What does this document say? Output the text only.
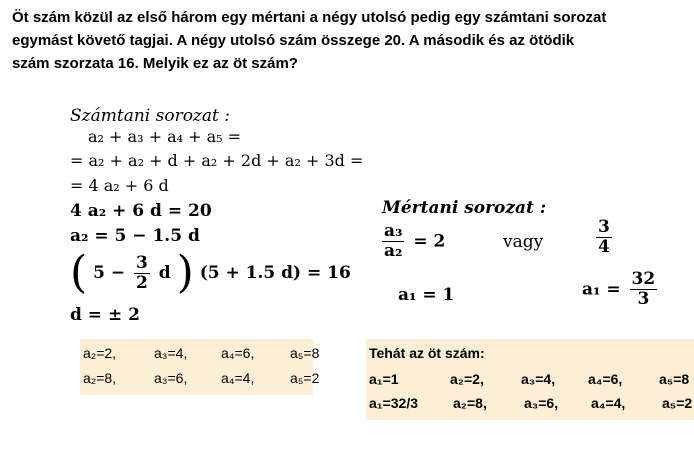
Öt szám közül az első három egy mértani a négy utolsó pedig egy számtani sorozat
egymást követő tagjai. A négy utolsó szám összege 20. A második és az ötödik
szám szorzata 16. Melyik ez az öt szám?
Számtani sorozat :
a₂ + a₃ + a₄ + a₅ =
= a₂ + a₂ + d + a₂ + 2d + a₂ + 3d =
= 4 a₂ + 6 d
4 a₂ + 6 d = 20
a₂ = 5 − 1.5 d
( $5 - \frac{3}{2}$ d ) (5 + 1.5 d) = 16
d = ± 2
Mértani sorozat :
$\frac{\text{a₃}}{\text{a₂}} = 2$	vagy	$\frac{3}{4}$
a₁ = 1	$a_1 = \frac{32}{3}$
a₂=2,	a₃=4, a₄=6,	a₅=8
a₂=8,	a₃=6, a₄=4,	a₅=2
Tehát az öt szám:
a₁=1	a₂=2,	a₃=4, a₄=6,	a₅=8
a₁=32/3	a₂=8,	a₃=6, a₄=4,	a₅=2
